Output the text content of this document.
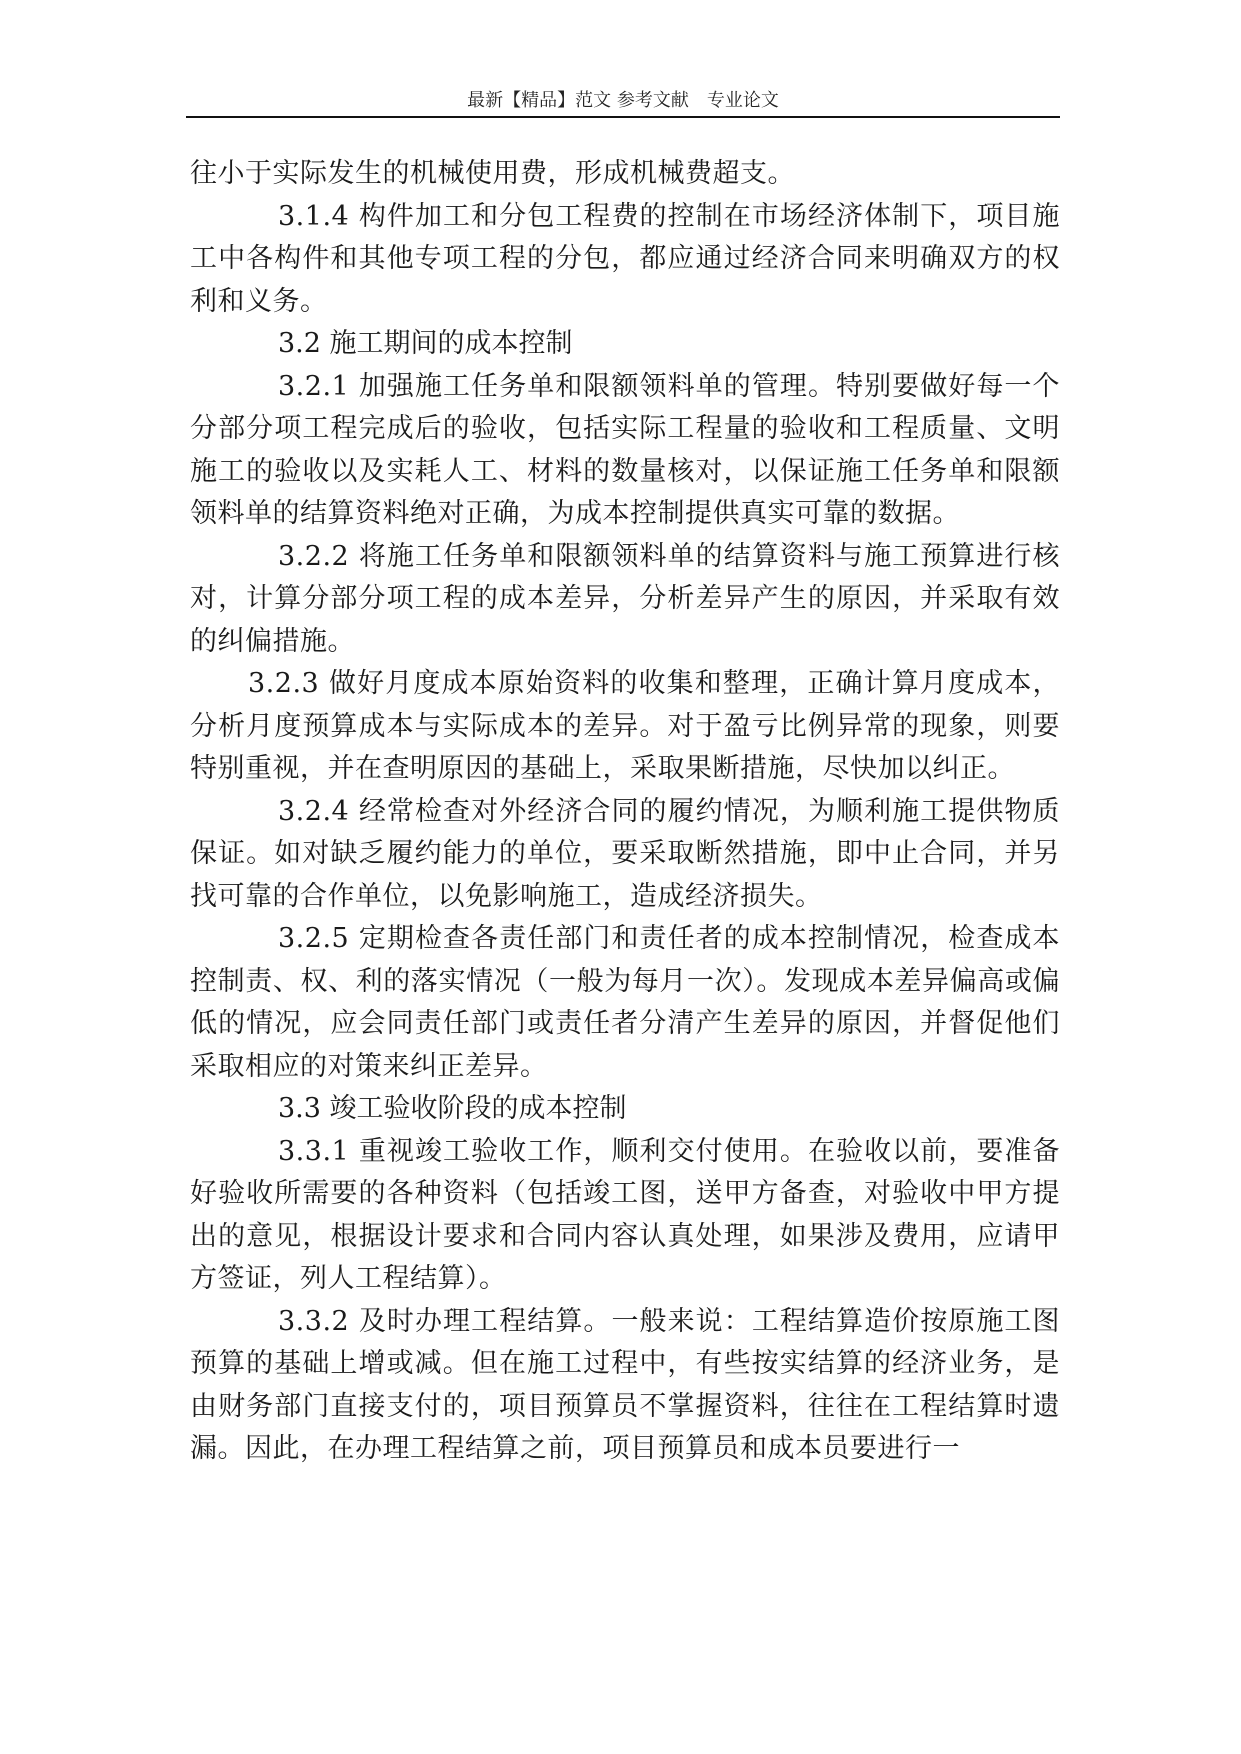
最新【精品】范文 参考文献　专业论文

往小于实际发生的机械使用费，形成机械费超支。

3.1.4 构件加工和分包工程费的控制在市场经济体制下，项目施工中各构件和其他专项工程的分包，都应通过经济合同来明确双方的权利和义务。

3.2 施工期间的成本控制

3.2.1 加强施工任务单和限额领料单的管理。特别要做好每一个分部分项工程完成后的验收，包括实际工程量的验收和工程质量、文明施工的验收以及实耗人工、材料的数量核对，以保证施工任务单和限额领料单的结算资料绝对正确，为成本控制提供真实可靠的数据。

3.2.2 将施工任务单和限额领料单的结算资料与施工预算进行核对，计算分部分项工程的成本差异，分析差异产生的原因，并采取有效的纠偏措施。

3.2.3 做好月度成本原始资料的收集和整理，正确计算月度成本，分析月度预算成本与实际成本的差异。对于盈亏比例异常的现象，则要特别重视，并在查明原因的基础上，采取果断措施，尽快加以纠正。

3.2.4 经常检查对外经济合同的履约情况，为顺利施工提供物质保证。如对缺乏履约能力的单位，要采取断然措施，即中止合同，并另找可靠的合作单位，以免影响施工，造成经济损失。

3.2.5 定期检查各责任部门和责任者的成本控制情况，检查成本控制责、权、利的落实情况（一般为每月一次）。发现成本差异偏高或偏低的情况，应会同责任部门或责任者分清产生差异的原因，并督促他们采取相应的对策来纠正差异。

3.3 竣工验收阶段的成本控制

3.3.1 重视竣工验收工作，顺利交付使用。在验收以前，要准备好验收所需要的各种资料（包括竣工图，送甲方备查，对验收中甲方提出的意见，根据设计要求和合同内容认真处理，如果涉及费用，应请甲方签证，列人工程结算）。

3.3.2 及时办理工程结算。一般来说：工程结算造价按原施工图预算的基础上增或减。但在施工过程中，有些按实结算的经济业务，是由财务部门直接支付的，项目预算员不掌握资料，往往在工程结算时遗漏。因此，在办理工程结算之前，项目预算员和成本员要进行一
